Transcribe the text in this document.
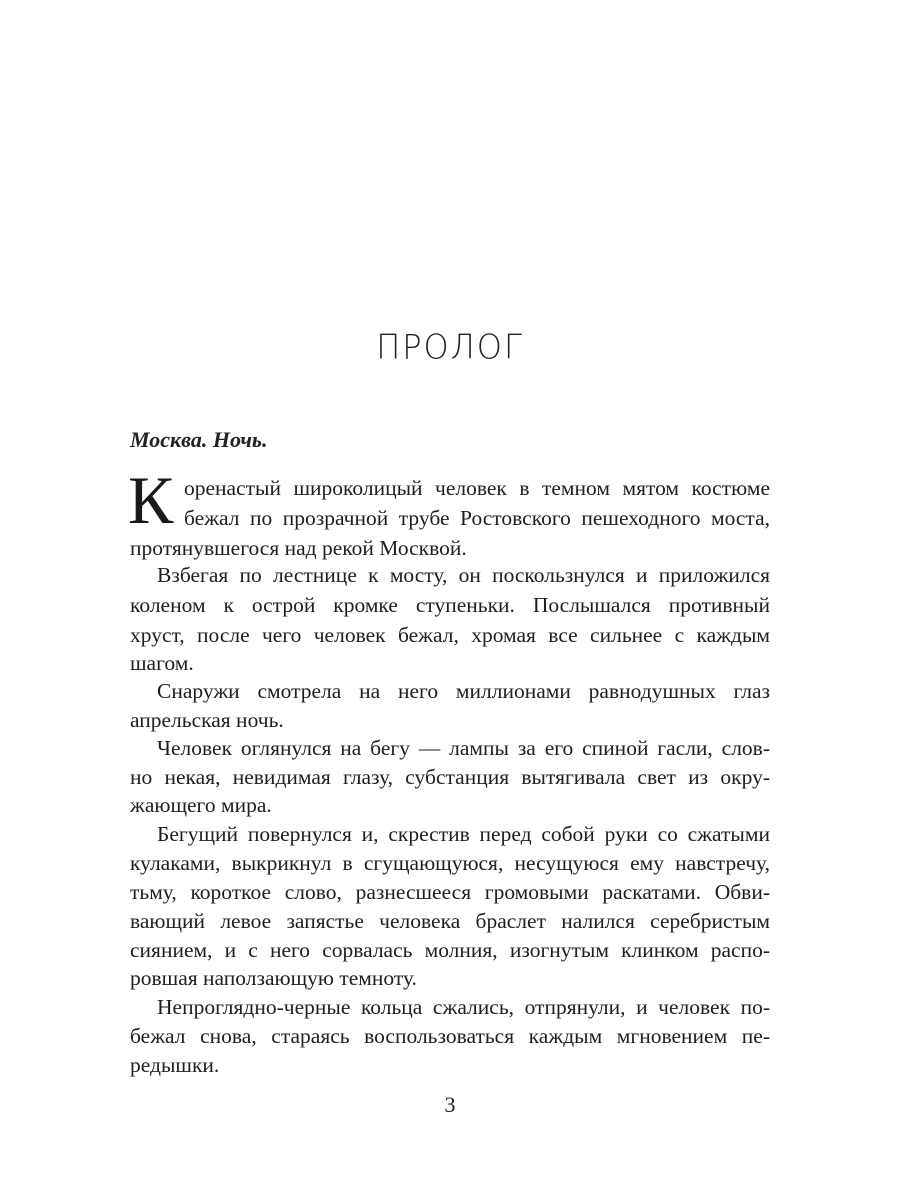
ПРОЛОГ
Москва. Ночь.
К оренастый широколицый человек в темном мятом костюме
бежал по прозрачной трубе Ростовского пешеходного моста,
протянувшегося над рекой Москвой.
Взбегая по лестнице к мосту, он поскользнулся и приложился
коленом к острой кромке ступеньки. Послышался противный
хруст, после чего человек бежал, хромая все сильнее с каждым
шагом.
Снаружи смотрела на него миллионами равнодушных глаз
апрельская ночь.
Человек оглянулся на бегу — лампы за его спиной гасли, слов-
но некая, невидимая глазу, субстанция вытягивала свет из окру-
жающего мира.
Бегущий повернулся и, скрестив перед собой руки со сжатыми
кулаками, выкрикнул в сгущающуюся, несущуюся ему навстречу,
тьму, короткое слово, разнесшееся громовыми раскатами. Обви-
вающий левое запястье человека браслет налился серебристым
сиянием, и с него сорвалась молния, изогнутым клинком распо-
ровшая наползающую темноту.
Непроглядно-черные кольца сжались, отпрянули, и человек по-
бежал снова, стараясь воспользоваться каждым мгновением пе-
редышки.
3
